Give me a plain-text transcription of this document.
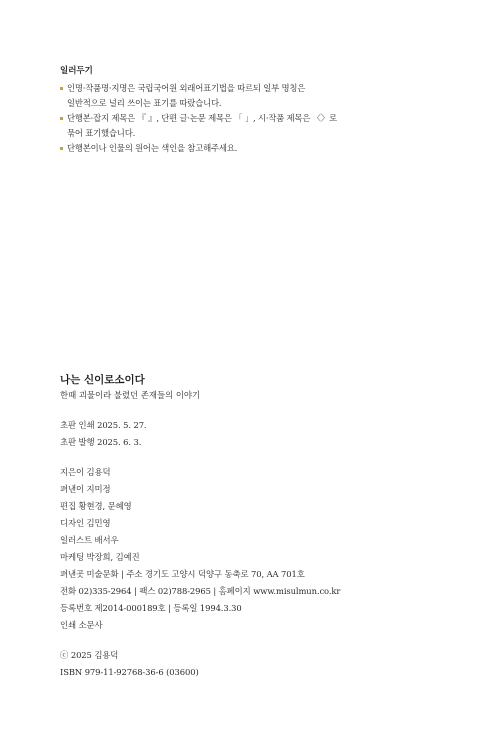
일러두기
인명·작품명·지명은 국립국어원 외래어표기법을 따르되 일부 명칭은
일반적으로 널리 쓰이는 표기를 따랐습니다.
단행본·잡지 제목은 『 』, 단편 글·논문 제목은 「 」, 시·작품 제목은 〈〉로
묶어 표기했습니다.
단행본이나 인물의 원어는 색인을 참고해주세요.
나는 신이로소이다
한때 괴물이라 불렸던 존재들의 이야기
초판 인쇄 2025. 5. 27.
초판 발행 2025. 6. 3.
지은이 김용덕
펴낸이 지미정
편집 황현경, 문혜영
디자인 김민영
일러스트 배서우
마케팅 박장희, 김예진
펴낸곳 미술문화 | 주소 경기도 고양시 덕양구 동축로 70, AA 701호
전화 02)335-2964 | 팩스 02)788-2965 | 홈페이지 www.misulmun.co.kr
등록번호 제2014-000189호 | 등록일 1994.3.30
인쇄 소문사
ⓒ 2025 김용덕
ISBN 979-11-92768-36-6 (03600)
